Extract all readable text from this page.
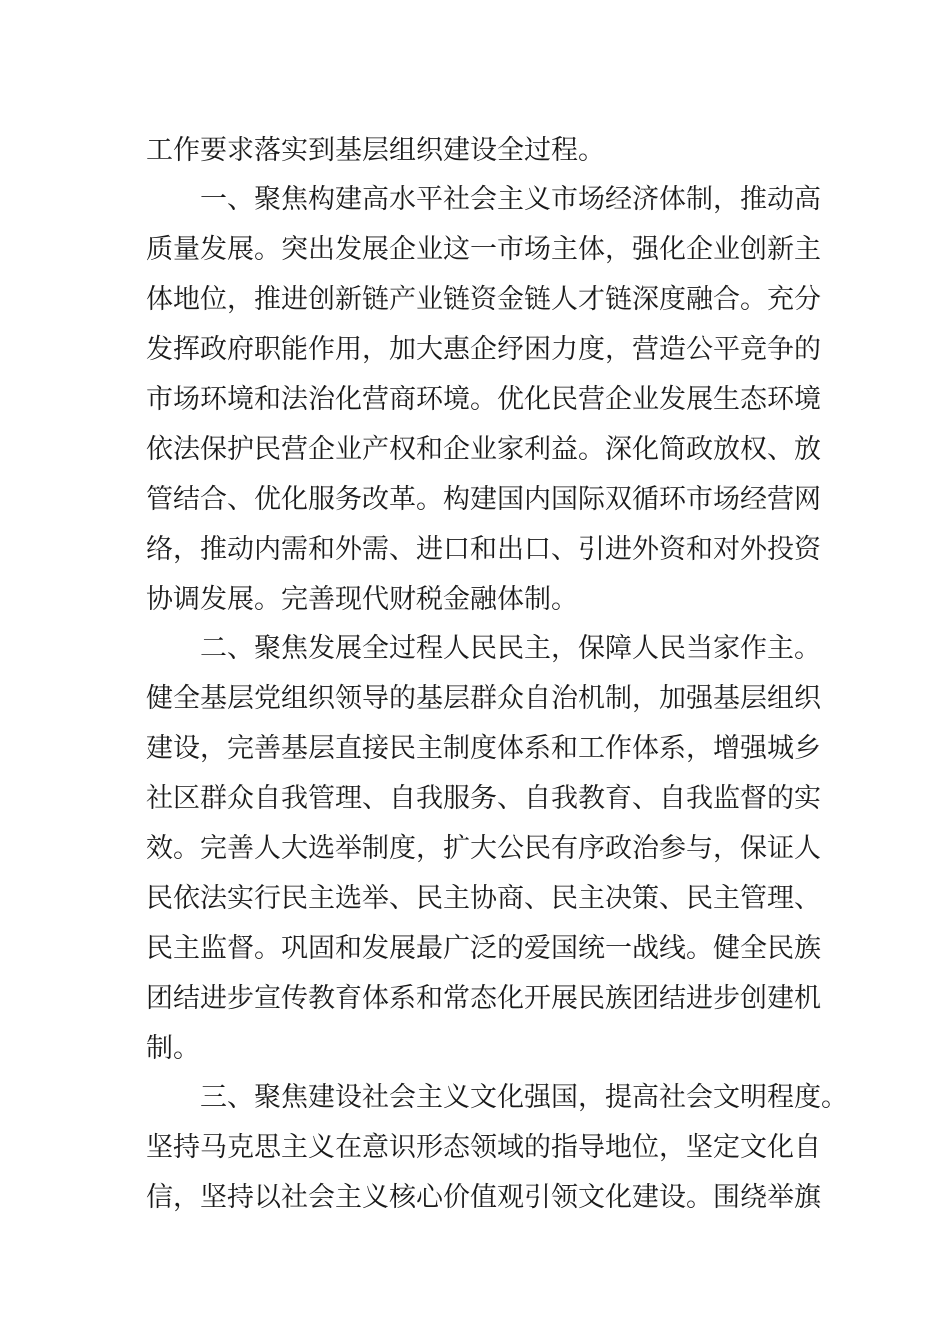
工作要求落实到基层组织建设全过程。

一、聚焦构建高水平社会主义市场经济体制，推动高

质量发展。突出发展企业这一市场主体，强化企业创新主

体地位，推进创新链产业链资金链人才链深度融合。充分

发挥政府职能作用，加大惠企纾困力度，营造公平竞争的

市场环境和法治化营商环境。优化民营企业发展生态环境

依法保护民营企业产权和企业家利益。深化简政放权、放

管结合、优化服务改革。构建国内国际双循环市场经营网

络，推动内需和外需、进口和出口、引进外资和对外投资

协调发展。完善现代财税金融体制。

二、聚焦发展全过程人民民主，保障人民当家作主。

健全基层党组织领导的基层群众自治机制，加强基层组织

建设，完善基层直接民主制度体系和工作体系，增强城乡

社区群众自我管理、自我服务、自我教育、自我监督的实

效。完善人大选举制度，扩大公民有序政治参与，保证人

民依法实行民主选举、民主协商、民主决策、民主管理、

民主监督。巩固和发展最广泛的爱国统一战线。健全民族

团结进步宣传教育体系和常态化开展民族团结进步创建机

制。

三、聚焦建设社会主义文化强国，提高社会文明程度。

坚持马克思主义在意识形态领域的指导地位，坚定文化自

信，坚持以社会主义核心价值观引领文化建设。围绕举旗
